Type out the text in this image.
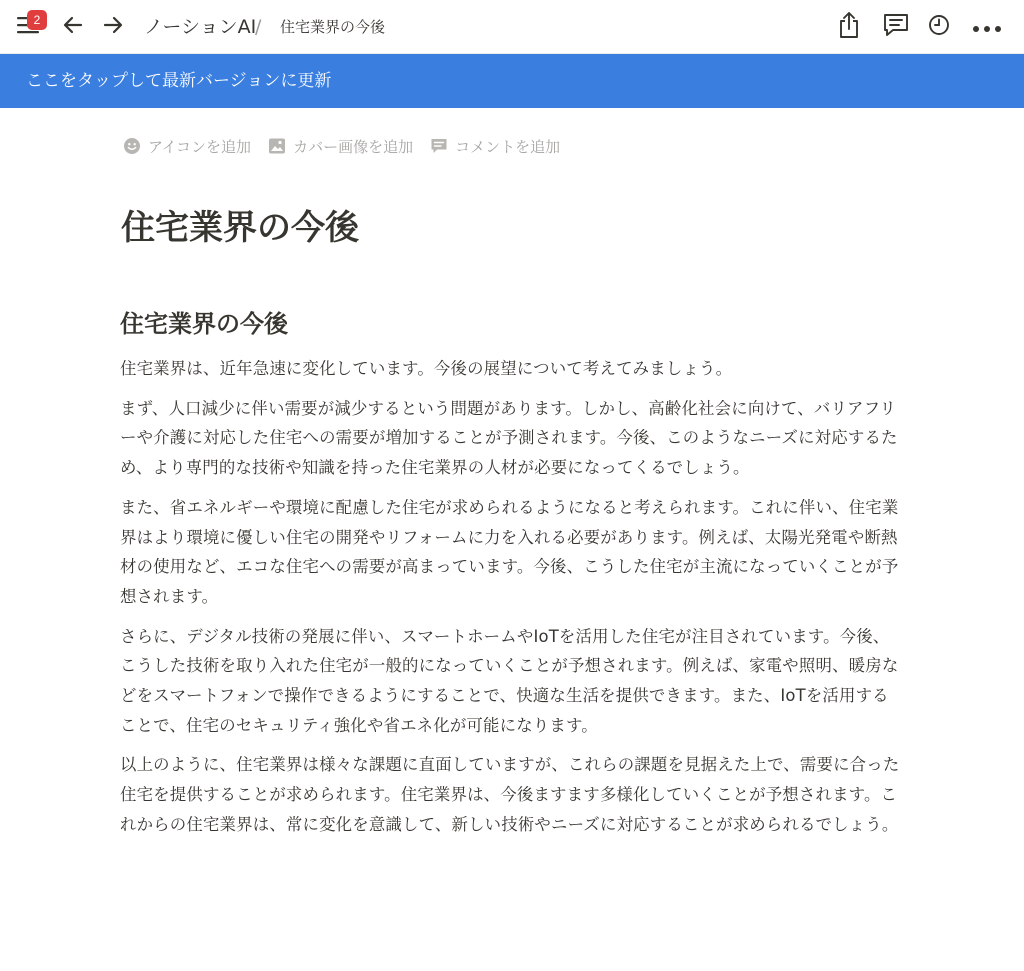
2	ノーションAI
/ 住宅業界の今後
ここをタップして最新バージョンに更新
アイコンを追加	カバー画像を追加	コメントを追加
住宅業界の今後
住宅業界の今後

住宅業界は、近年急速に変化しています。今後の展望について考えてみましょう。

まず、人口減少に伴い需要が減少するという問題があります。しかし、高齢化社会に向けて、バリアフリーや介護に対応した住宅への需要が増加することが予測されます。今後、このようなニーズに対応するため、より専門的な技術や知識を持った住宅業界の人材が必要になってくるでしょう。

また、省エネルギーや環境に配慮した住宅が求められるようになると考えられます。これに伴い、住宅業界はより環境に優しい住宅の開発やリフォームに力を入れる必要があります。例えば、太陽光発電や断熱材の使用など、エコな住宅への需要が高まっています。今後、こうした住宅が主流になっていくことが予想されます。

さらに、デジタル技術の発展に伴い、スマートホームやIoTを活用した住宅が注目されています。今後、こうした技術を取り入れた住宅が一般的になっていくことが予想されます。例えば、家電や照明、暖房などをスマートフォンで操作できるようにすることで、快適な生活を提供できます。また、IoTを活用することで、住宅のセキュリティ強化や省エネ化が可能になります。

以上のように、住宅業界は様々な課題に直面していますが、これらの課題を見据えた上で、需要に合った住宅を提供することが求められます。住宅業界は、今後ますます多様化していくことが予想されます。これからの住宅業界は、常に変化を意識して、新しい技術やニーズに対応することが求められるでしょう。
